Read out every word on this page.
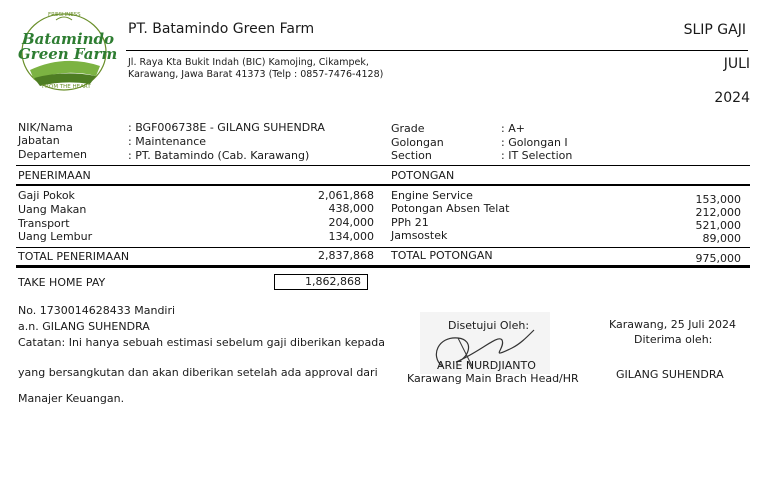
FRESHNESS
Batamindo
Green Farm
FROM THE HEART
PT. Batamindo Green Farm
Jl. Raya Kta Bukit Indah (BIC) Kamojing, Cikampek,
Karawang, Jawa Barat 41373 (Telp : 0857-7476-4128)
SLIP GAJI
JULI
2024
NIK/Nama	: BGF006738E - GILANG SUHENDRA
Jabatan	: Maintenance
Departemen	: PT. Batamindo (Cab. Karawang)
Grade	: A+
Golongan	: Golongan I
Section	: IT Selection
PENERIMAAN	POTONGAN
Gaji Pokok	2,061,868
Uang Makan	438,000
Transport	204,000
Uang Lembur	134,000
Engine Service	153,000
Potongan Absen Telat	212,000
PPh 21	521,000
Jamsostek	89,000
TOTAL PENERIMAAN	2,837,868 TOTAL POTONGAN	975,000
TAKE HOME PAY	1,862,868
No. 1730014628433 Mandiri
a.n. GILANG SUHENDRA
Catatan: Ini hanya sebuah estimasi sebelum gaji diberikan kepada
yang bersangkutan dan akan diberikan setelah ada approval dari
Manajer Keuangan.
Disetujui Oleh:
ARIE NURDJIANTO
Karawang Main Brach Head/HR
Karawang, 25 Juli 2024
Diterima oleh:
GILANG SUHENDRA
